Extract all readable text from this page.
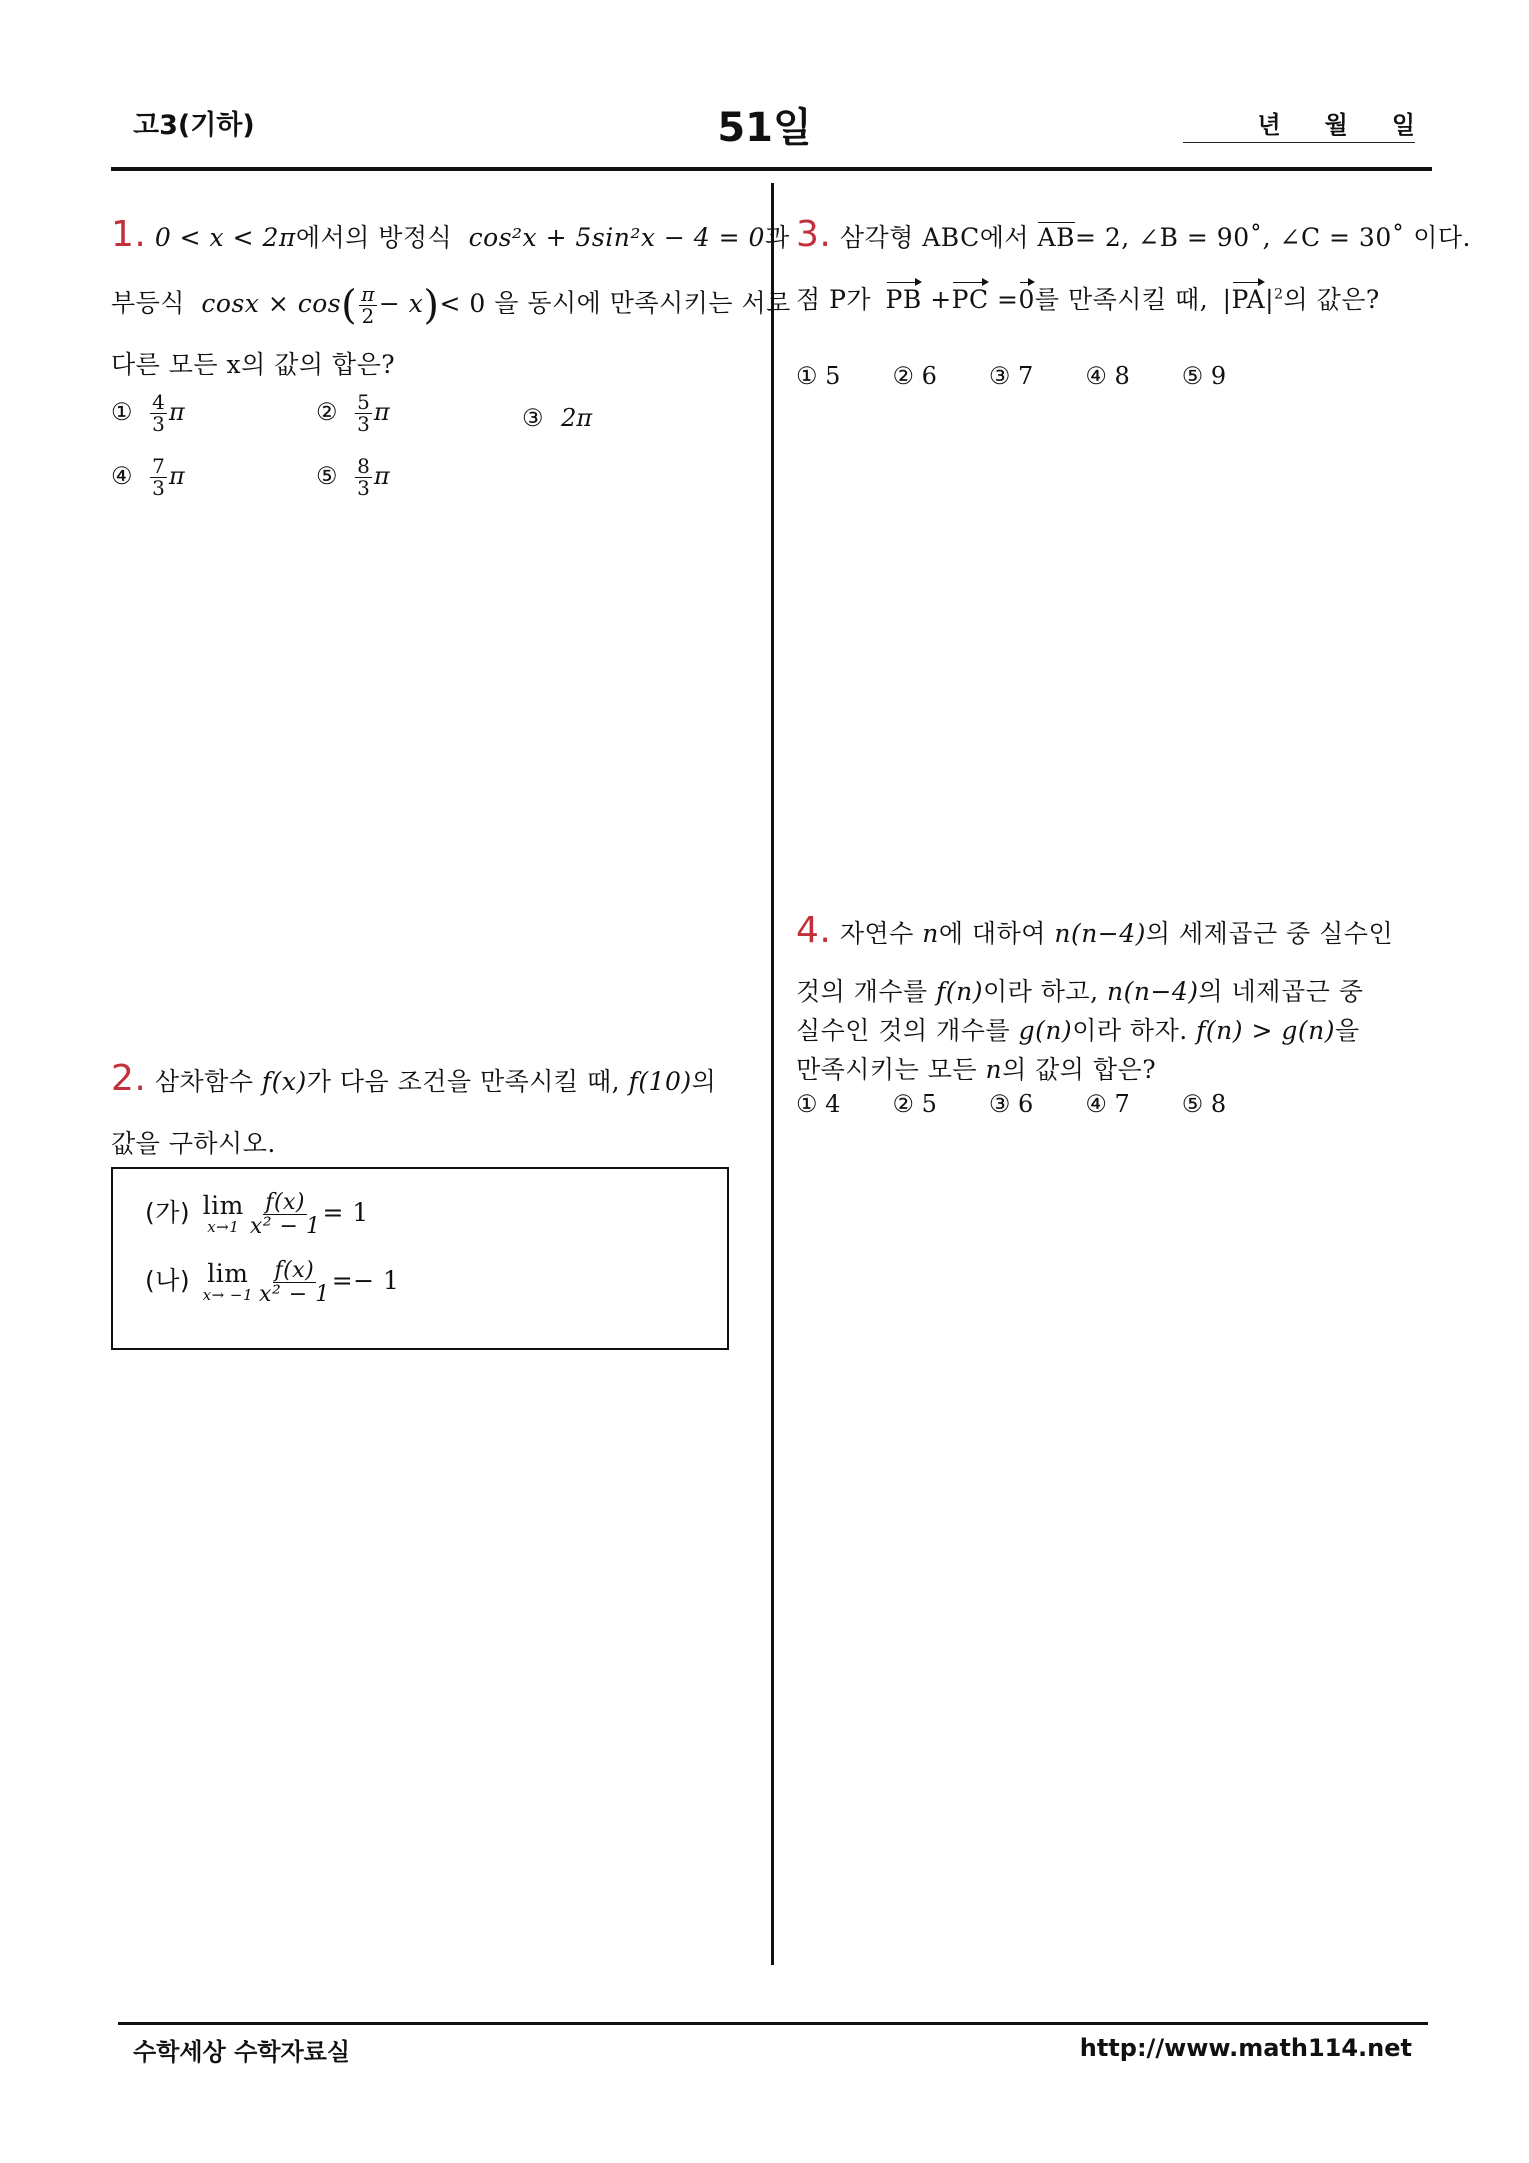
고3(기하)	51일	년 월 일
1. 0 < x < 2π에서의 방정식 cos²x + 5sin²x − 4 = 0과
부등식 $\cos x \times \cos( \frac{\pi}{2} - x)< 0$ 을 동시에 만족시키는 서로
다른 모든 x의 값의 합은?
① $\frac{4}{3}$ π	② $\frac{5}{3}$ π	③ 2π
④ $\frac{7}{3}$ π	⑤ $\frac{8}{3}$ π
2. 삼차함수 f(x)가 다음 조건을 만족시킬 때, f(10)의
값을 구하시오.
(가) lim
$x\to 1 \frac{f(x)}{\text{x² − 1}} = 1$
(나) lim
$x\to -1 \frac{f(x)}{\text{x² − 1}} =- 1$
3. 삼각형 ABC에서 AB= 2, ∠B = 90˚, ∠C = 30˚ 이다.
점 P가 PB +PC =0를 만족시킬 때, $|PA|^2$의 값은?
① 5 ② 6 ③ 7 ④ 8 ⑤ 9
4. 자연수 n에 대하여 n(n−4)의 세제곱근 중 실수인
것의 개수를 f(n)이라 하고, n(n−4)의 네제곱근 중
실수인 것의 개수를 g(n)이라 하자. f(n) > g(n)을
만족시키는 모든 n의 값의 합은?
① 4 ② 5 ③ 6 ④ 7 ⑤ 8
수학세상 수학자료실	http://www.math114.net
